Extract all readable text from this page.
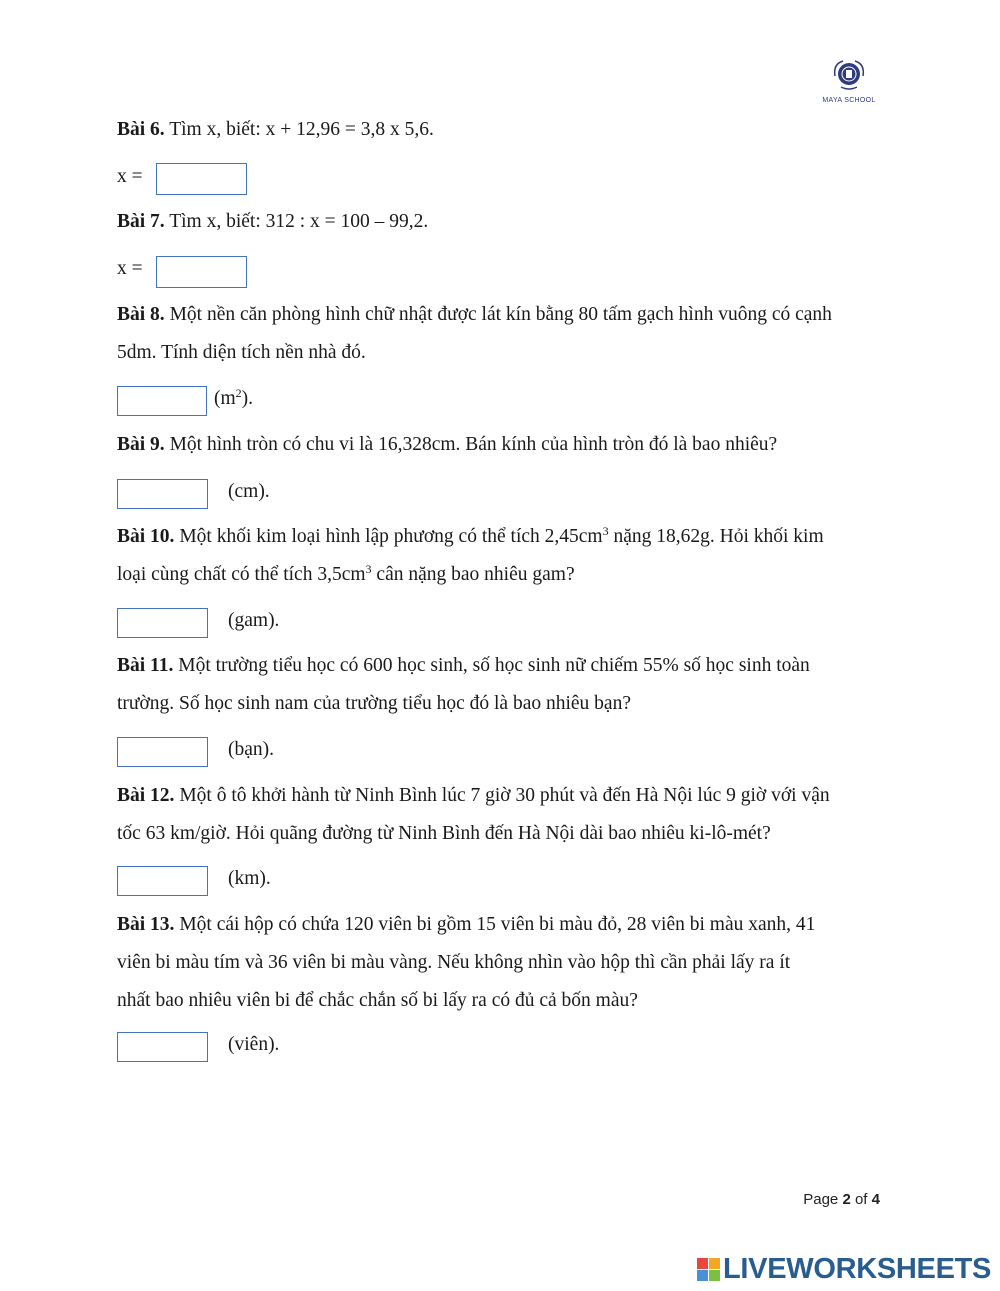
MAYA SCHOOL
Bài 6. Tìm x, biết: x + 12,96 = 3,8 x 5,6.
x =
Bài 7. Tìm x, biết: 312 : x = 100 – 99,2.
x =
Bài 8. Một nền căn phòng hình chữ nhật được lát kín bằng 80 tấm gạch hình vuông có cạnh
5dm. Tính diện tích nền nhà đó.
$(m^2)$.
Bài 9. Một hình tròn có chu vi là 16,328cm. Bán kính của hình tròn đó là bao nhiêu?
(cm).
Bài 10. Một khối kim loại hình lập phương có thể tích $2,45cm^3$ nặng 18,62g. Hỏi khối kim
loại cùng chất có thể tích $3,5cm^3$ cân nặng bao nhiêu gam?
(gam).
Bài 11. Một trường tiểu học có 600 học sinh, số học sinh nữ chiếm 55% số học sinh toàn
trường. Số học sinh nam của trường tiểu học đó là bao nhiêu bạn?
(bạn).
Bài 12. Một ô tô khởi hành từ Ninh Bình lúc 7 giờ 30 phút và đến Hà Nội lúc 9 giờ với vận
tốc 63 km/giờ. Hỏi quãng đường từ Ninh Bình đến Hà Nội dài bao nhiêu ki-lô-mét?
(km).
Bài 13. Một cái hộp có chứa 120 viên bi gồm 15 viên bi màu đỏ, 28 viên bi màu xanh, 41
viên bi màu tím và 36 viên bi màu vàng. Nếu không nhìn vào hộp thì cần phải lấy ra ít
nhất bao nhiêu viên bi để chắc chắn số bi lấy ra có đủ cả bốn màu?
(viên).
Page 2 of 4
LIVEWORKSHEETS
